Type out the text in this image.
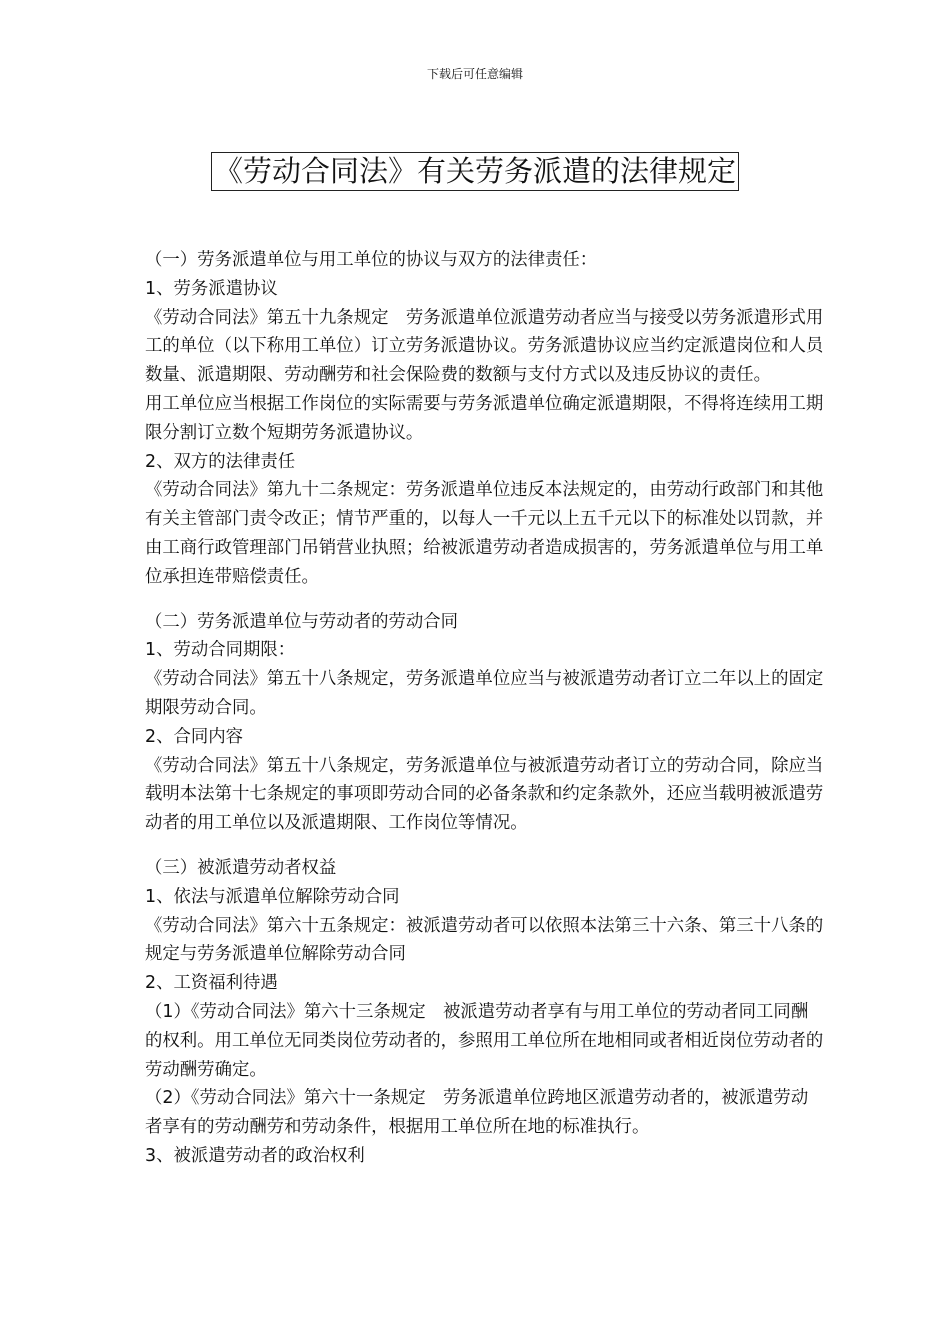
下载后可任意编辑
《劳动合同法》有关劳务派遣的法律规定

（一）劳务派遣单位与用工单位的协议与双方的法律责任：

1、劳务派遣协议

《劳动合同法》第五十九条规定　劳务派遣单位派遣劳动者应当与接受以劳务派遣形式用工的单位（以下称用工单位）订立劳务派遣协议。劳务派遣协议应当约定派遣岗位和人员数量、派遣期限、劳动酬劳和社会保险费的数额与支付方式以及违反协议的责任。

用工单位应当根据工作岗位的实际需要与劳务派遣单位确定派遣期限，不得将连续用工期限分割订立数个短期劳务派遣协议。

2、双方的法律责任

《劳动合同法》第九十二条规定：劳务派遣单位违反本法规定的，由劳动行政部门和其他有关主管部门责令改正；情节严重的，以每人一千元以上五千元以下的标准处以罚款，并由工商行政管理部门吊销营业执照；给被派遣劳动者造成损害的，劳务派遣单位与用工单位承担连带赔偿责任。

（二）劳务派遣单位与劳动者的劳动合同

1、劳动合同期限：

《劳动合同法》第五十八条规定，劳务派遣单位应当与被派遣劳动者订立二年以上的固定期限劳动合同。

2、合同内容

《劳动合同法》第五十八条规定，劳务派遣单位与被派遣劳动者订立的劳动合同，除应当载明本法第十七条规定的事项即劳动合同的必备条款和约定条款外，还应当载明被派遣劳动者的用工单位以及派遣期限、工作岗位等情况。

（三）被派遣劳动者权益

1、依法与派遣单位解除劳动合同

《劳动合同法》第六十五条规定：被派遣劳动者可以依照本法第三十六条、第三十八条的规定与劳务派遣单位解除劳动合同

2、工资福利待遇

（1）《劳动合同法》第六十三条规定　被派遣劳动者享有与用工单位的劳动者同工同酬的权利。用工单位无同类岗位劳动者的，参照用工单位所在地相同或者相近岗位劳动者的劳动酬劳确定。

（2）《劳动合同法》第六十一条规定　劳务派遣单位跨地区派遣劳动者的，被派遣劳动者享有的劳动酬劳和劳动条件，根据用工单位所在地的标准执行。

3、被派遣劳动者的政治权利
